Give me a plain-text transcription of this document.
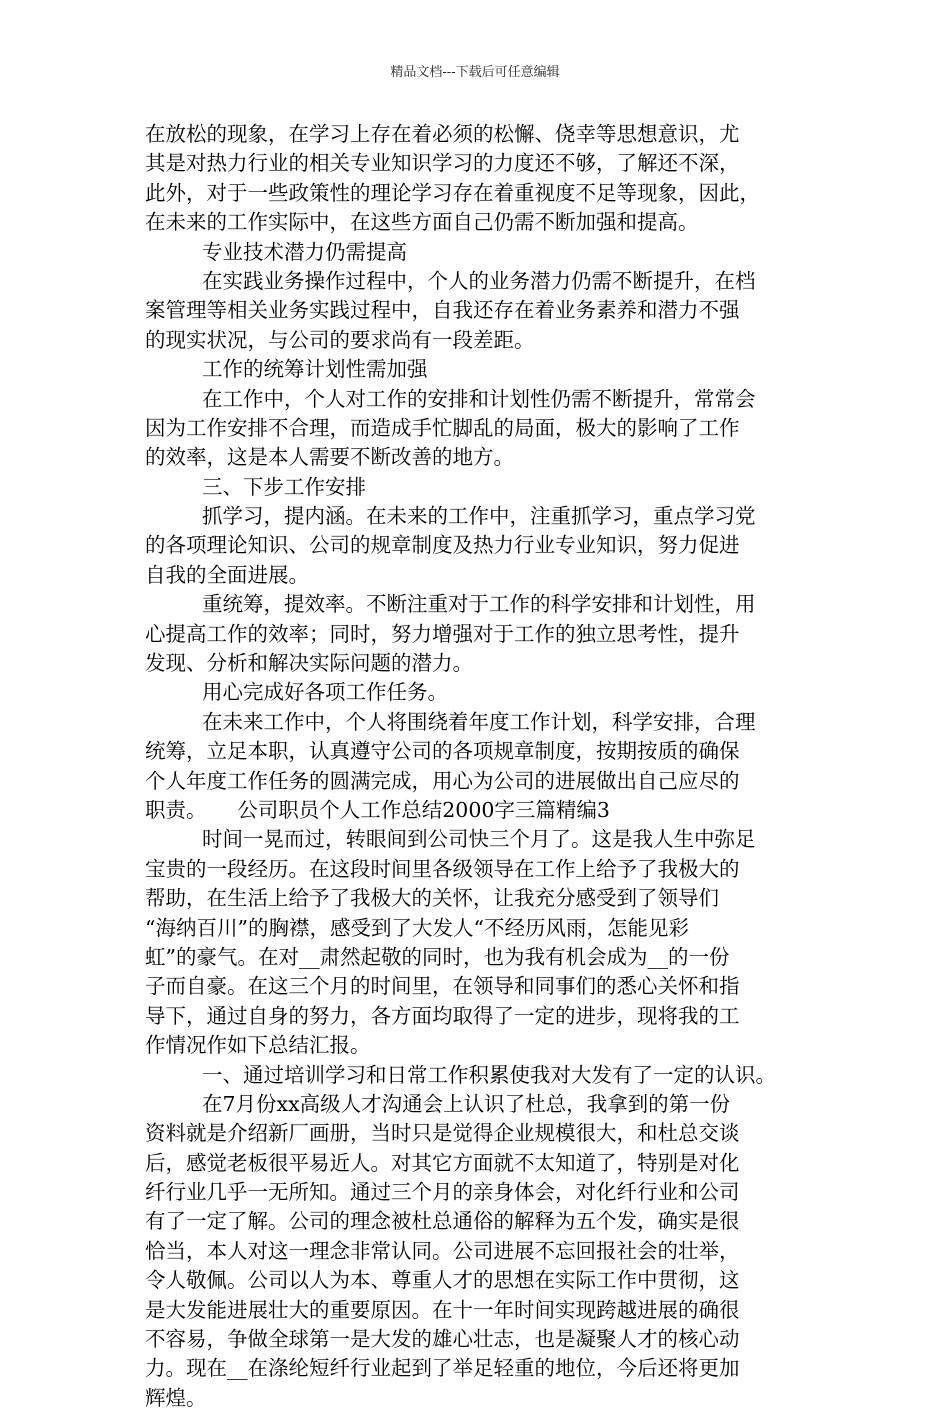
精品文档---下载后可任意编辑
在放松的现象，在学习上存在着必须的松懈、侥幸等思想意识，尤
其是对热力行业的相关专业知识学习的力度还不够，了解还不深，
此外，对于一些政策性的理论学习存在着重视度不足等现象，因此，
在未来的工作实际中，在这些方面自己仍需不断加强和提高。
专业技术潜力仍需提高
在实践业务操作过程中，个人的业务潜力仍需不断提升，在档
案管理等相关业务实践过程中，自我还存在着业务素养和潜力不强
的现实状况，与公司的要求尚有一段差距。
工作的统筹计划性需加强
在工作中，个人对工作的安排和计划性仍需不断提升，常常会
因为工作安排不合理，而造成手忙脚乱的局面，极大的影响了工作
的效率，这是本人需要不断改善的地方。
三、下步工作安排
抓学习，提内涵。在未来的工作中，注重抓学习，重点学习党
的各项理论知识、公司的规章制度及热力行业专业知识，努力促进
自我的全面进展。
重统筹，提效率。不断注重对于工作的科学安排和计划性，用
心提高工作的效率；同时，努力增强对于工作的独立思考性，提升
发现、分析和解决实际问题的潜力。
用心完成好各项工作任务。
在未来工作中，个人将围绕着年度工作计划，科学安排，合理
统筹，立足本职，认真遵守公司的各项规章制度，按期按质的确保
个人年度工作任务的圆满完成，用心为公司的进展做出自己应尽的
职责。　　公司职员个人工作总结2000字三篇精编3
时间一晃而过，转眼间到公司快三个月了。这是我人生中弥足
宝贵的一段经历。在这段时间里各级领导在工作上给予了我极大的
帮助，在生活上给予了我极大的关怀，让我充分感受到了领导们
“海纳百川”的胸襟，感受到了大发人“不经历风雨，怎能见彩
虹”的豪气。在对__肃然起敬的同时，也为我有机会成为__的一份
子而自豪。在这三个月的时间里，在领导和同事们的悉心关怀和指
导下，通过自身的努力，各方面均取得了一定的进步，现将我的工
作情况作如下总结汇报。
一、通过培训学习和日常工作积累使我对大发有了一定的认识。
在7月份xx高级人才沟通会上认识了杜总，我拿到的第一份
资料就是介绍新厂画册，当时只是觉得企业规模很大，和杜总交谈
后，感觉老板很平易近人。对其它方面就不太知道了，特别是对化
纤行业几乎一无所知。通过三个月的亲身体会，对化纤行业和公司
有了一定了解。公司的理念被杜总通俗的解释为五个发，确实是很
恰当，本人对这一理念非常认同。公司进展不忘回报社会的壮举，
令人敬佩。公司以人为本、尊重人才的思想在实际工作中贯彻，这
是大发能进展壮大的重要原因。在十一年时间实现跨越进展的确很
不容易，争做全球第一是大发的雄心壮志，也是凝聚人才的核心动
力。现在__在涤纶短纤行业起到了举足轻重的地位，今后还将更加
辉煌。
